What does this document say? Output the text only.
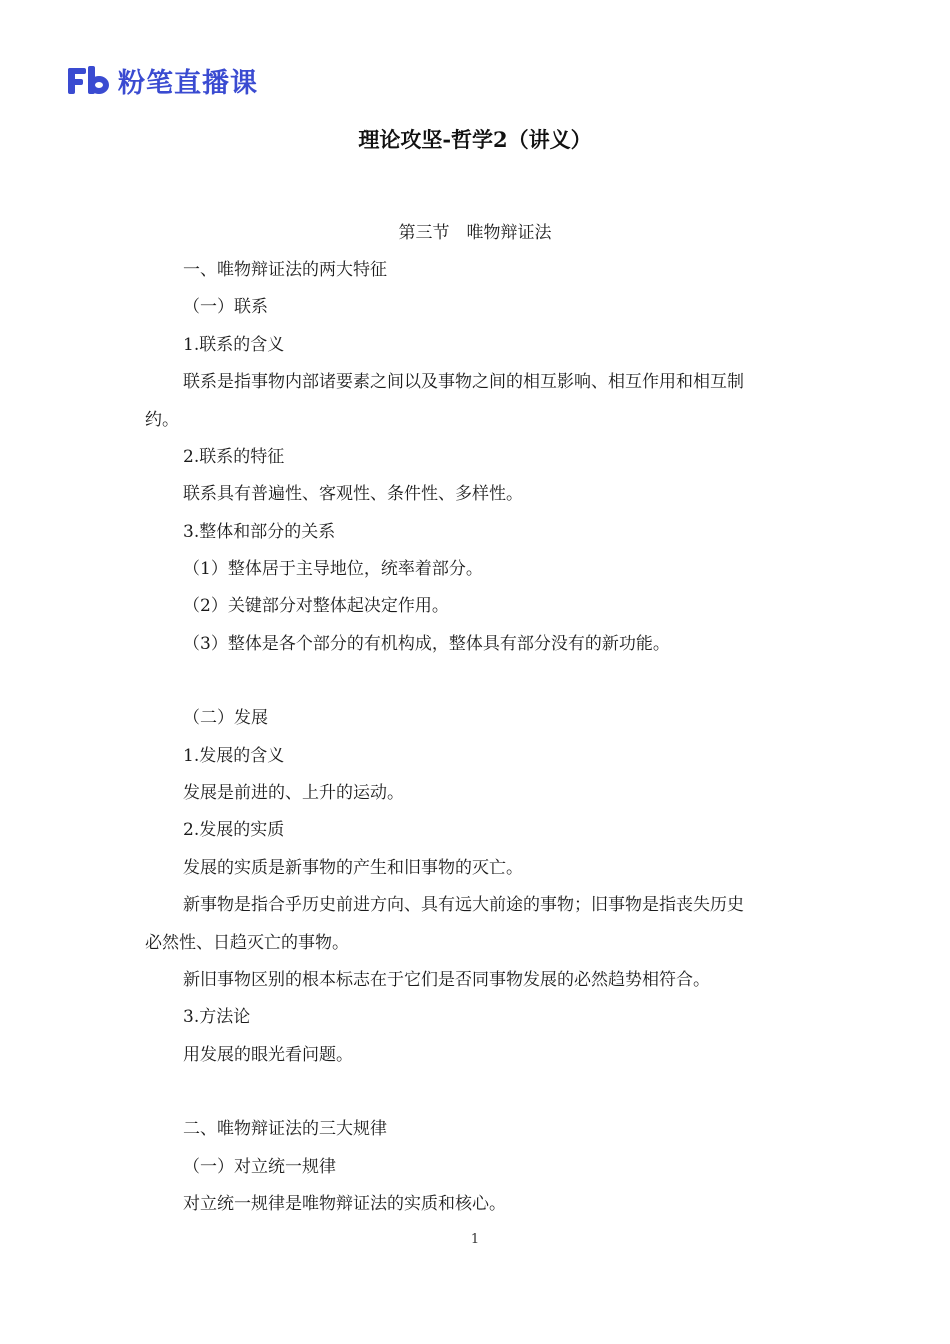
粉笔直播课
理论攻坚-哲学2（讲义）
第三节　唯物辩证法
一、唯物辩证法的两大特征
（一）联系
1.联系的含义
联系是指事物内部诸要素之间以及事物之间的相互影响、相互作用和相互制
约。
2.联系的特征
联系具有普遍性、客观性、条件性、多样性。
3.整体和部分的关系
（1）整体居于主导地位，统率着部分。
（2）关键部分对整体起决定作用。
（3）整体是各个部分的有机构成，整体具有部分没有的新功能。
（二）发展
1.发展的含义
发展是前进的、上升的运动。
2.发展的实质
发展的实质是新事物的产生和旧事物的灭亡。
新事物是指合乎历史前进方向、具有远大前途的事物；旧事物是指丧失历史
必然性、日趋灭亡的事物。
新旧事物区别的根本标志在于它们是否同事物发展的必然趋势相符合。
3.方法论
用发展的眼光看问题。
二、唯物辩证法的三大规律
（一）对立统一规律
对立统一规律是唯物辩证法的实质和核心。
1
